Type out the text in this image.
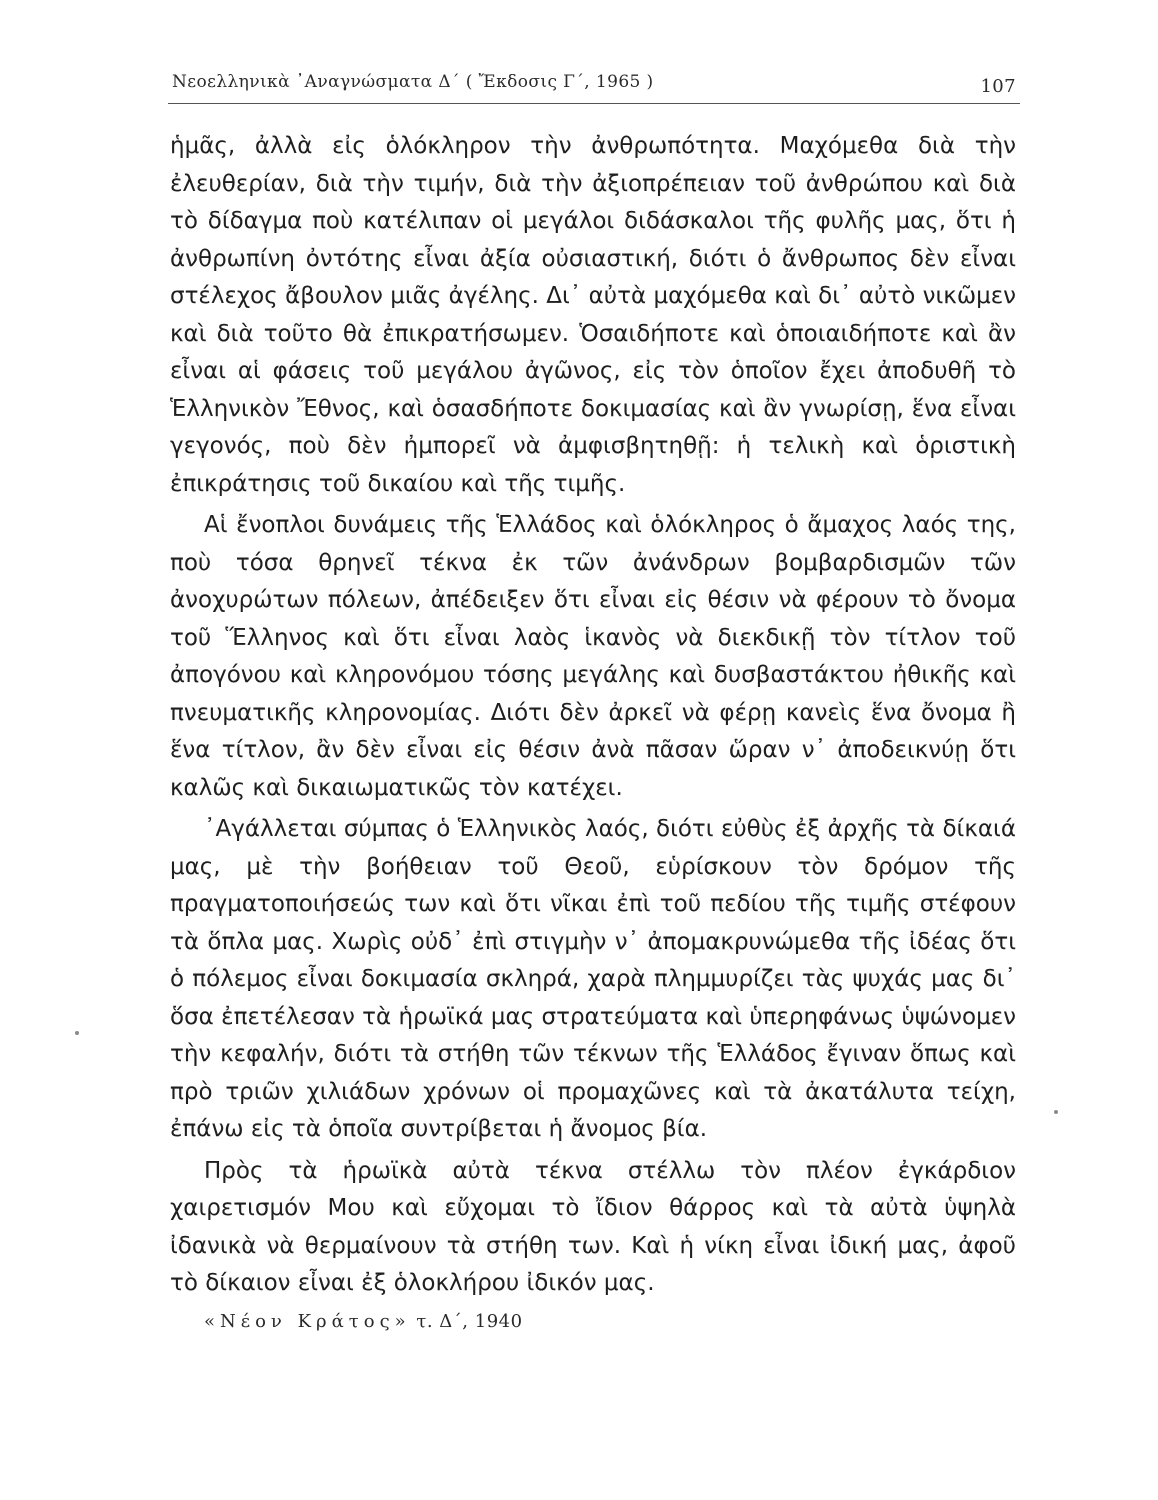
Νεοελληνικὰ ᾿Αναγνώσματα Δ΄ ( Ἔκδοσις Γ΄, 1965 )	107

ἡμᾶς, ἀλλὰ εἰς ὁλόκληρον τὴν ἀνθρωπότητα. Μαχόμεθα διὰ τὴν ἐλευθερίαν, διὰ τὴν τιμήν, διὰ τὴν ἀξιοπρέπειαν τοῦ ἀνθρώπου καὶ διὰ τὸ δίδαγμα ποὺ κατέλιπαν οἱ μεγάλοι διδάσκαλοι τῆς φυλῆς μας, ὅτι ἡ ἀνθρωπίνη ὀντότης εἶναι ἀξία οὐσιαστική, διότι ὁ ἄνθρωπος δὲν εἶναι στέλεχος ἄβουλον μιᾶς ἀγέλης. Δι᾿ αὐτὰ μαχόμεθα καὶ δι᾿ αὐτὸ νικῶμεν καὶ διὰ τοῦτο θὰ ἐπικρατήσωμεν. Ὁσαιδήποτε καὶ ὁποιαιδήποτε καὶ ἂν εἶναι αἱ φάσεις τοῦ μεγάλου ἀγῶνος, εἰς τὸν ὁποῖον ἔχει ἀποδυθῆ τὸ Ἑλληνικὸν Ἔθνος, καὶ ὁσασδήποτε δοκιμασίας καὶ ἂν γνωρίσῃ, ἕνα εἶναι γεγονός, ποὺ δὲν ἠμπορεῖ νὰ ἀμφισβητηθῇ: ἡ τελικὴ καὶ ὁριστικὴ ἐπικράτησις τοῦ δικαίου καὶ τῆς τιμῆς.

Αἱ ἔνοπλοι δυνάμεις τῆς Ἑλλάδος καὶ ὁλόκληρος ὁ ἄμαχος λαός της, ποὺ τόσα θρηνεῖ τέκνα ἐκ τῶν ἀνάνδρων βομβαρδισμῶν τῶν ἀνοχυρώτων πόλεων, ἀπέδειξεν ὅτι εἶναι εἰς θέσιν νὰ φέρουν τὸ ὄνομα τοῦ Ἕλληνος καὶ ὅτι εἶναι λαὸς ἱκανὸς νὰ διεκδικῇ τὸν τίτλον τοῦ ἀπογόνου καὶ κληρονόμου τόσης μεγάλης καὶ δυσβαστάκτου ἠθικῆς καὶ πνευματικῆς κληρονομίας. Διότι δὲν ἀρκεῖ νὰ φέρῃ κανεὶς ἕνα ὄνομα ἢ ἕνα τίτλον, ἂν δὲν εἶναι εἰς θέσιν ἀνὰ πᾶσαν ὥραν ν᾿ ἀποδεικνύῃ ὅτι καλῶς καὶ δικαιωματικῶς τὸν κατέχει.

᾿Αγάλλεται σύμπας ὁ Ἑλληνικὸς λαός, διότι εὐθὺς ἐξ ἀρχῆς τὰ δίκαιά μας, μὲ τὴν βοήθειαν τοῦ Θεοῦ, εὑρίσκουν τὸν δρόμον τῆς πραγματοποιήσεώς των καὶ ὅτι νῖκαι ἐπὶ τοῦ πεδίου τῆς τιμῆς στέφουν τὰ ὅπλα μας. Χωρὶς οὐδ᾿ ἐπὶ στιγμὴν ν᾿ ἀπομακρυνώμεθα τῆς ἰδέας ὅτι ὁ πόλεμος εἶναι δοκιμασία σκληρά, χαρὰ πλημμυρίζει τὰς ψυχάς μας δι᾿ ὅσα ἐπετέλεσαν τὰ ἡρωϊκά μας στρατεύματα καὶ ὑπερηφάνως ὑψώνομεν τὴν κεφαλήν, διότι τὰ στήθη τῶν τέκνων τῆς Ἑλλάδος ἔγιναν ὅπως καὶ πρὸ τριῶν χιλιάδων χρόνων οἱ προμαχῶνες καὶ τὰ ἀκατάλυτα τείχη, ἐπάνω εἰς τὰ ὁποῖα συντρίβεται ἡ ἄνομος βία.

Πρὸς τὰ ἡρωϊκὰ αὐτὰ τέκνα στέλλω τὸν πλέον ἐγκάρδιον χαιρετισμόν Μου καὶ εὔχομαι τὸ ἴδιον θάρρος καὶ τὰ αὐτὰ ὑψηλὰ ἰδανικὰ νὰ θερμαίνουν τὰ στήθη των. Καὶ ἡ νίκη εἶναι ἰδική μας, ἀφοῦ τὸ δίκαιον εἶναι ἐξ ὁλοκλήρου ἰδικόν μας.

«Νέον Κράτος» τ. Δ΄, 1940
